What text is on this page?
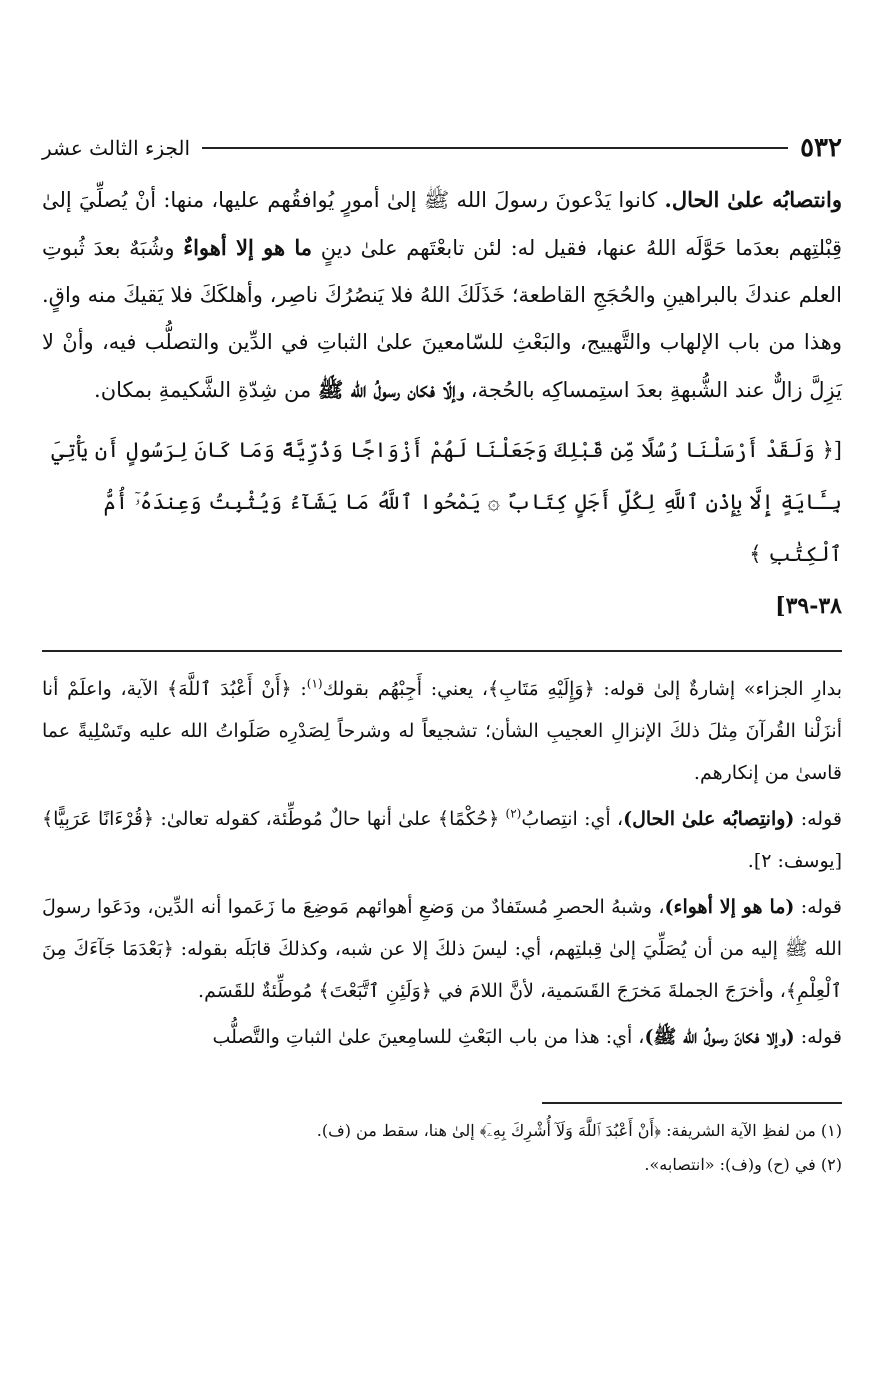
٥٣٢
الجزء الثالث عشر

وانتصابُه علىٰ الحال. كانوا يَدْعونَ رسولَ الله ﷺ إلىٰ أمورٍ يُوافقُهم عليها، منها: أنْ يُصلِّيَ إلىٰ قِبْلتِهم بعدَما حَوَّلَه اللهُ عنها، فقيل له: لئن تابعْتَهم علىٰ دينٍ ما هو إلا أهواءٌ وشُبَهٌ بعدَ ثُبوتِ العلم عندكَ بالبراهينِ والحُجَجِ القاطعة؛ خَذَلَكَ اللهُ فلا يَنصُرُكَ ناصِر، وأهلكَكَ فلا يَقيكَ منه واقٍ. وهذا من باب الإلهاب والتَّهييج، والبَعْثِ للسّامعينَ علىٰ الثباتِ في الدِّين والتصلُّب فيه، وأنْ لا يَزِلَّ زالٌّ عند الشُّبهةِ بعدَ استِمساكِه بالحُجة، وإلّا فكان رسولُ الله ﷺ من شِدّةِ الشَّكيمةِ بمكان.

[﴿ وَلَقَدْ أَرْسَلْنَا رُسُلًا مِّن قَبْلِكَ وَجَعَلْنَا لَهُمْ أَزْوَاجًا وَذُرِّيَّةً وَمَا كَانَ لِرَسُولٍ أَن يَأْتِيَ بِـَٔايَةٍ إِلَّا بِإِذْنِ ٱللَّهِ لِكُلِّ أَجَلٍ كِتَابٌ ۞ يَمْحُوا ٱللَّهُ مَا يَشَآءُ وَيُثْبِتُ وَعِندَهُۥٓ أُمُّ ٱلْكِتَٰبِ ﴾
٣٨-٣٩]

بدارِ الجزاء» إشارةٌ إلىٰ قوله: ﴿وَإِلَيْهِ مَتَابِ﴾، يعني: أَجِبْهُم بقولك$^{(١)}$: ﴿أَنْ أَعْبُدَ ٱللَّهَ﴾ الآية، واعلَمْ أنا أنزَلْنا القُرآنَ مِثلَ ذلكَ الإنزالِ العجيبِ الشأن؛ تشجيعاً له وشرحاً لِصَدْرِه صَلَواتُ الله عليه وتَسْلِيةً عما قاسىٰ من إنكارهم.

قوله: (وانتِصابُه علىٰ الحال)، أي: انتِصابُ$^{(٢)}$ ﴿حُكْمًا﴾ علىٰ أنها حالٌ مُوطِّئة، كقوله تعالىٰ: ﴿قُرْءَانًا عَرَبِيًّا﴾ [يوسف: ٢].

قوله: (ما هو إلا أهواء)، وشبهُ الحصرِ مُستَفادٌ من وَضعِ أهوائهم مَوضِعَ ما زَعَموا أنه الدِّين، ودَعَوا رسولَ الله ﷺ إليه من أن يُصَلِّيَ إلىٰ قِبلتِهم، أي: ليسَ ذلكَ إلا عن شبه، وكذلكَ قابَلَه بقوله: ﴿بَعْدَمَا جَآءَكَ مِنَ ٱلْعِلْمِ﴾، وأخرَجَ الجملةَ مَخرَجَ القَسَمية، لأنَّ اللامَ في ﴿وَلَئِنِ ٱتَّبَعْتَ﴾ مُوطِّئةٌ للقَسَم.

قوله: (وإلا فكانَ رسولُ الله ﷺ)، أي: هذا من باب البَعْثِ للسامِعينَ علىٰ الثباتِ والتَّصلُّب

(١) من لفظِ الآية الشريفة: ﴿أَنْ أَعْبُدَ ٱللَّهَ وَلَآ أُشْرِكَ بِهِۦٓ﴾ إلىٰ هنا، سقط من (ف).

(٢) في (ح) و(ف): «انتصابه».
